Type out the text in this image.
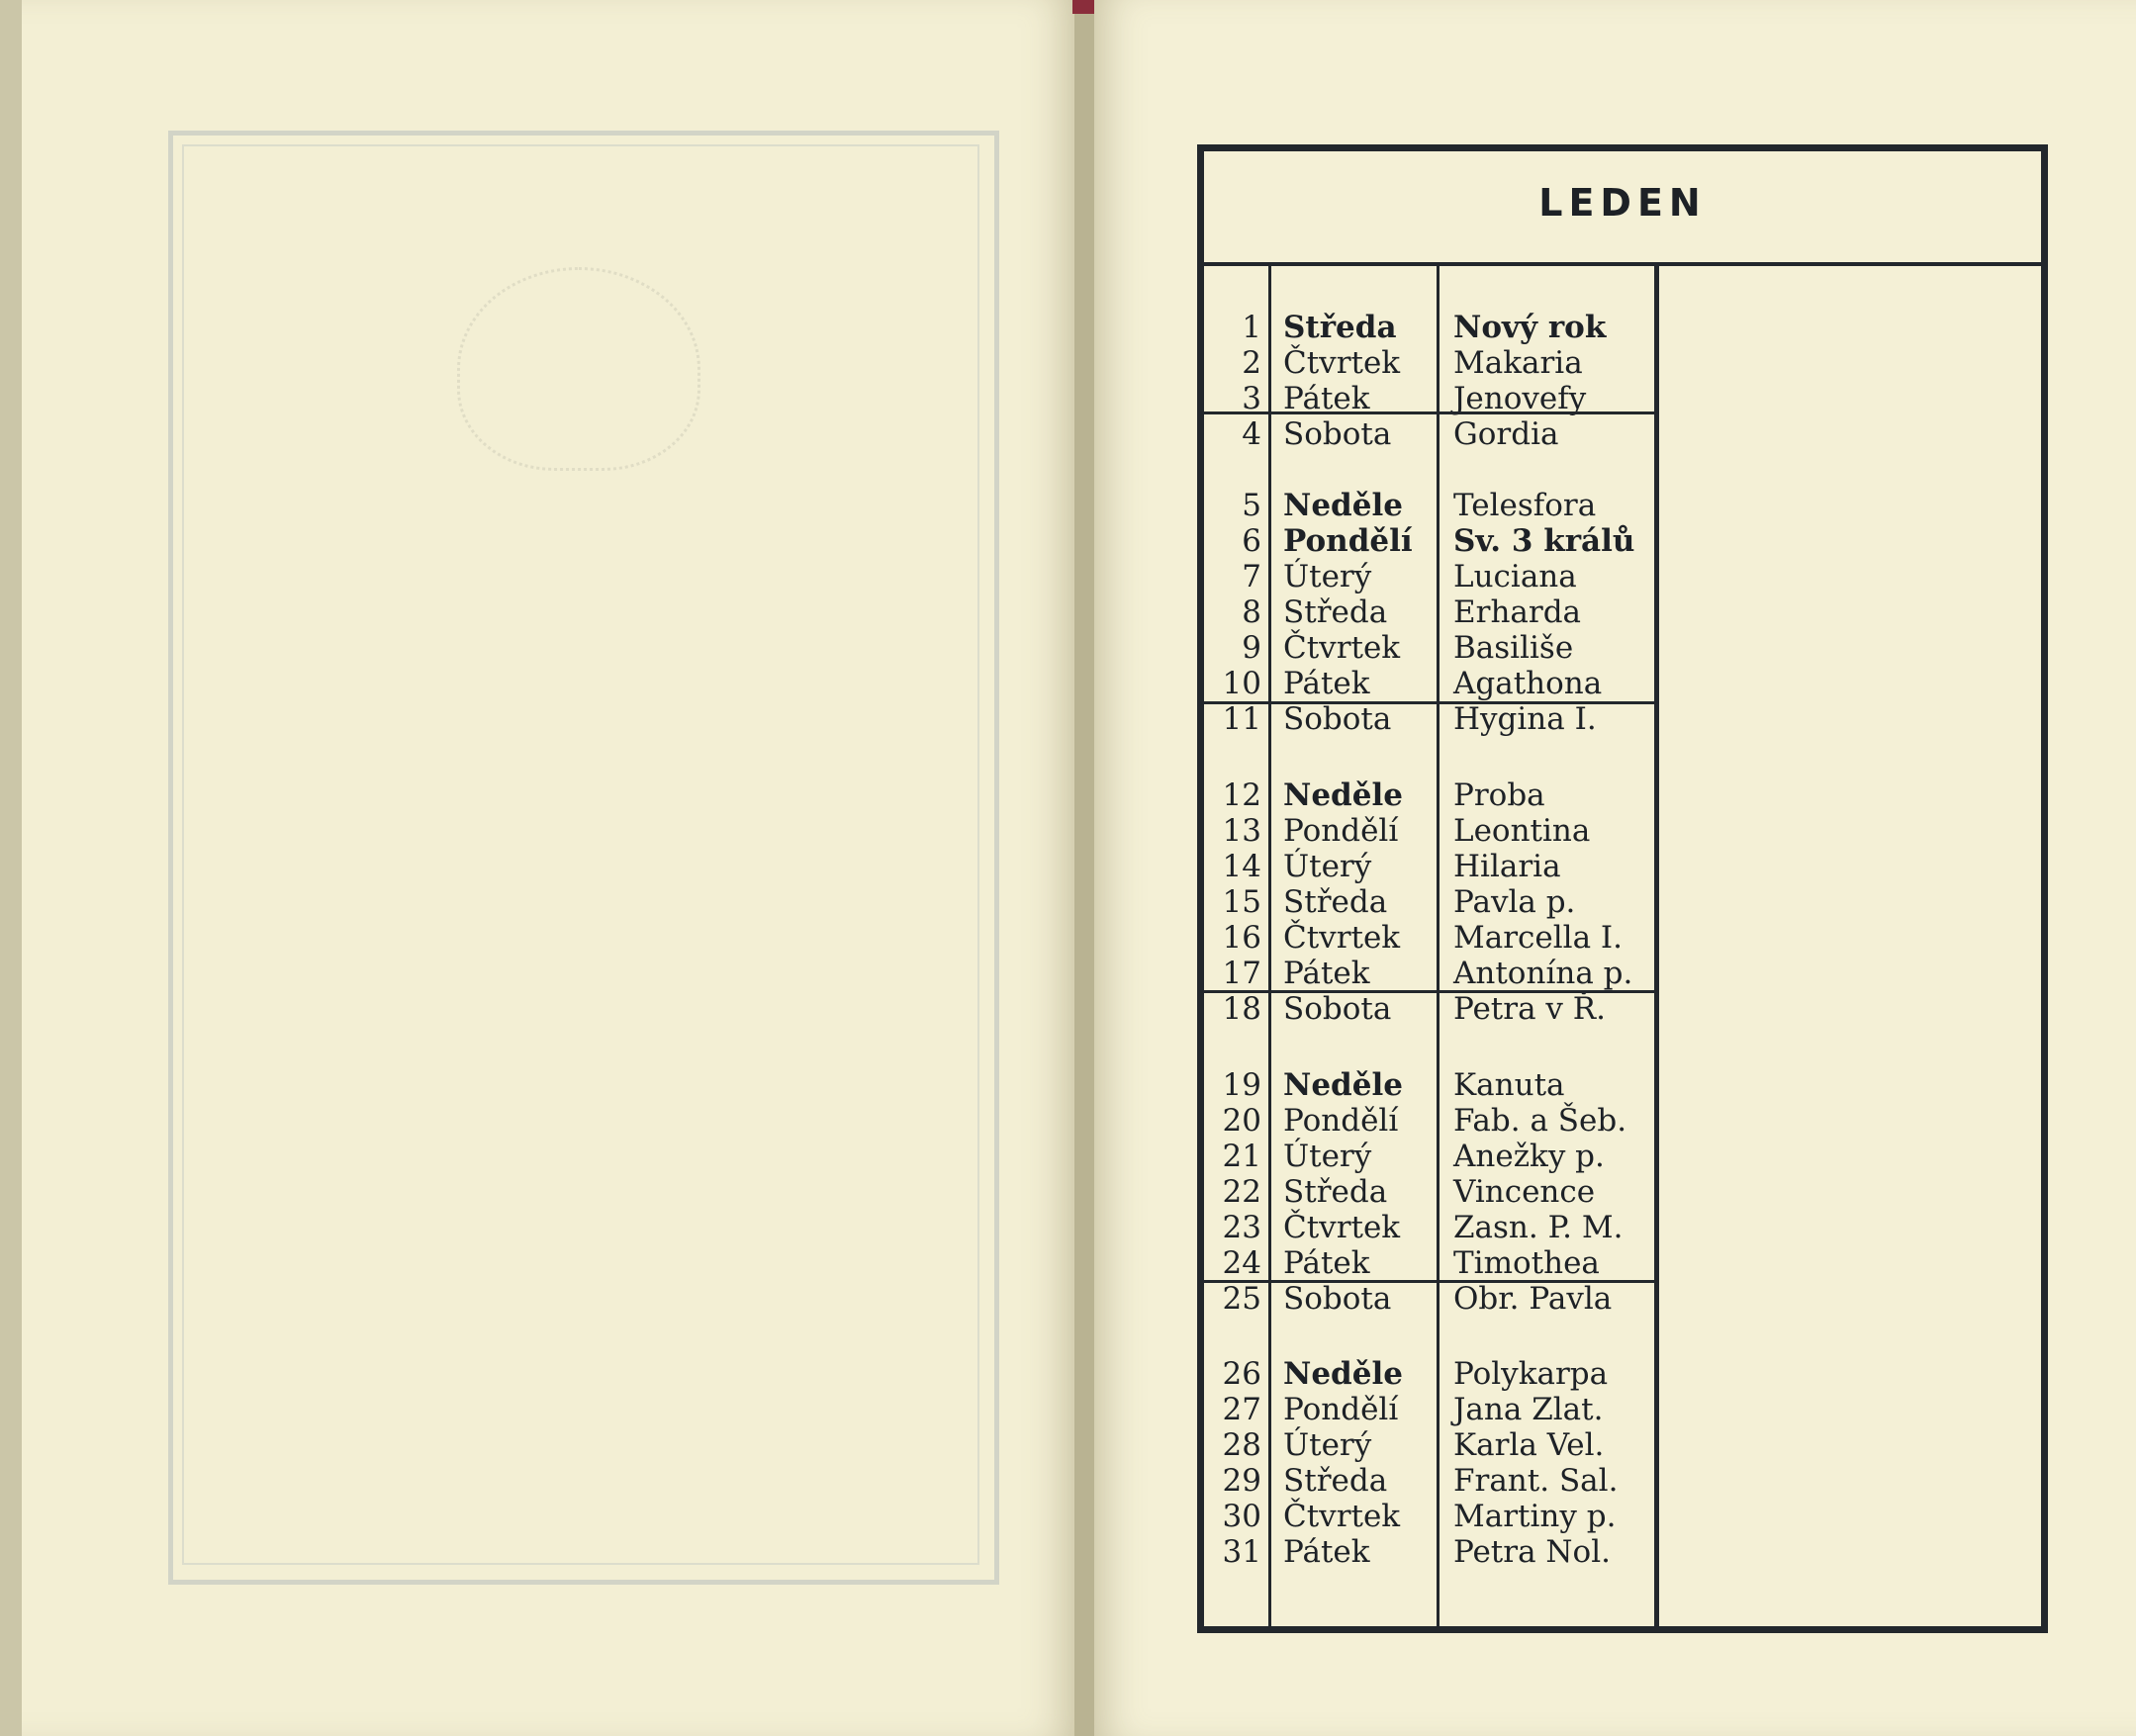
LEDEN
1 Středa Nový rok
2 Čtvrtek Makaria
3 Pátek	Jenovefy
4 Sobota Gordia
5 Neděle Telesfora
6 Pondělí Sv. 3 králů
7 Úterý	Luciana
8 Středa Erharda
9 Čtvrtek Basiliše
10 Pátek	Agathona
11 Sobota Hygina I.
12 Neděle Proba
13 Pondělí Leontina
14 Úterý	Hilaria
15 Středa Pavla p.
16 Čtvrtek Marcella I.
17 Pátek	Antonína p.
18 Sobota Petra v Ř.
19 Neděle Kanuta
20 Pondělí Fab. a Šeb.
21 Úterý	Anežky p.
22 Středa Vincence
23 Čtvrtek Zasn. P. M.
24 Pátek	Timothea
25 Sobota Obr. Pavla
26 Neděle Polykarpa
27 Pondělí Jana Zlat.
28 Úterý	Karla Vel.
29 Středa Frant. Sal.
30 Čtvrtek Martiny p.
31 Pátek	Petra Nol.
